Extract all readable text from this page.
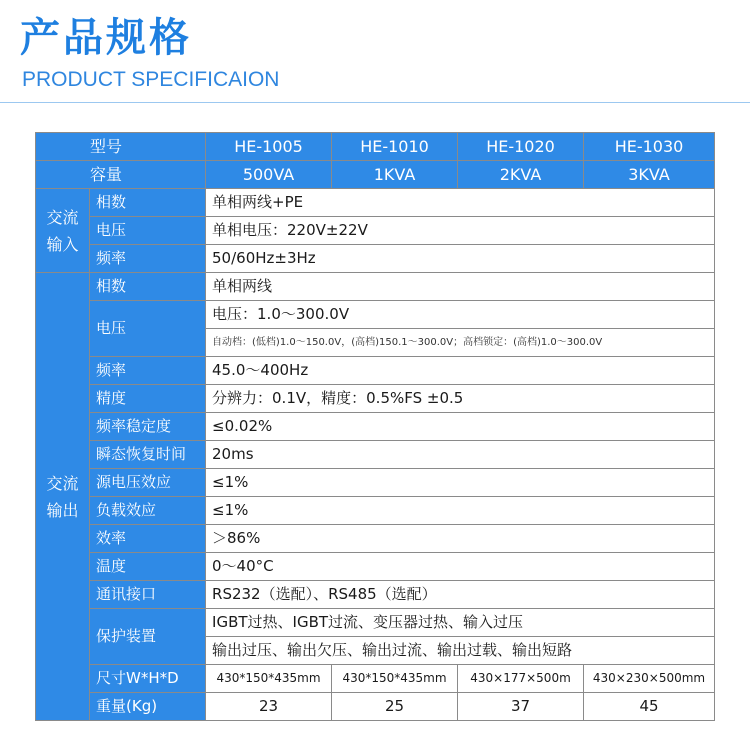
产品规格
PRODUCT SPECIFICAION
型号		HE-1005	HE-1010	HE-1020	HE-1030
容量		500VA	1KVA	2KVA	3KVA
交流
输入	相数	单相两线+PE			
	电压	单相电压：220V±22V			
	频率	50/60Hz±3Hz			
交流
输出	相数	单相两线			
	电压	电压：1.0～300.0V			
		自动档：(低档)1.0～150.0V，(高档)150.1～300.0V；高档锁定：(高档)1.0～300.0V			
	频率	45.0～400Hz			
	精度	分辨力：0.1V，精度：0.5%FS ±0.5			
	频率稳定度	≤0.02%			
	瞬态恢复时间	20ms			
	源电压效应	≤1%			
	负载效应	≤1%			
	效率	＞86%			
	温度	0～40°C			
	通讯接口	RS232（选配）、RS485（选配）			
	保护装置	IGBT过热、IGBT过流、变压器过热、输入过压			
		输出过压、输出欠压、输出过流、输出过载、输出短路			
	尺寸W*H*D	430*150*435mm	430*150*435mm	430×177×500m	430×230×500mm
	重量(Kg)	23	25	37	45
